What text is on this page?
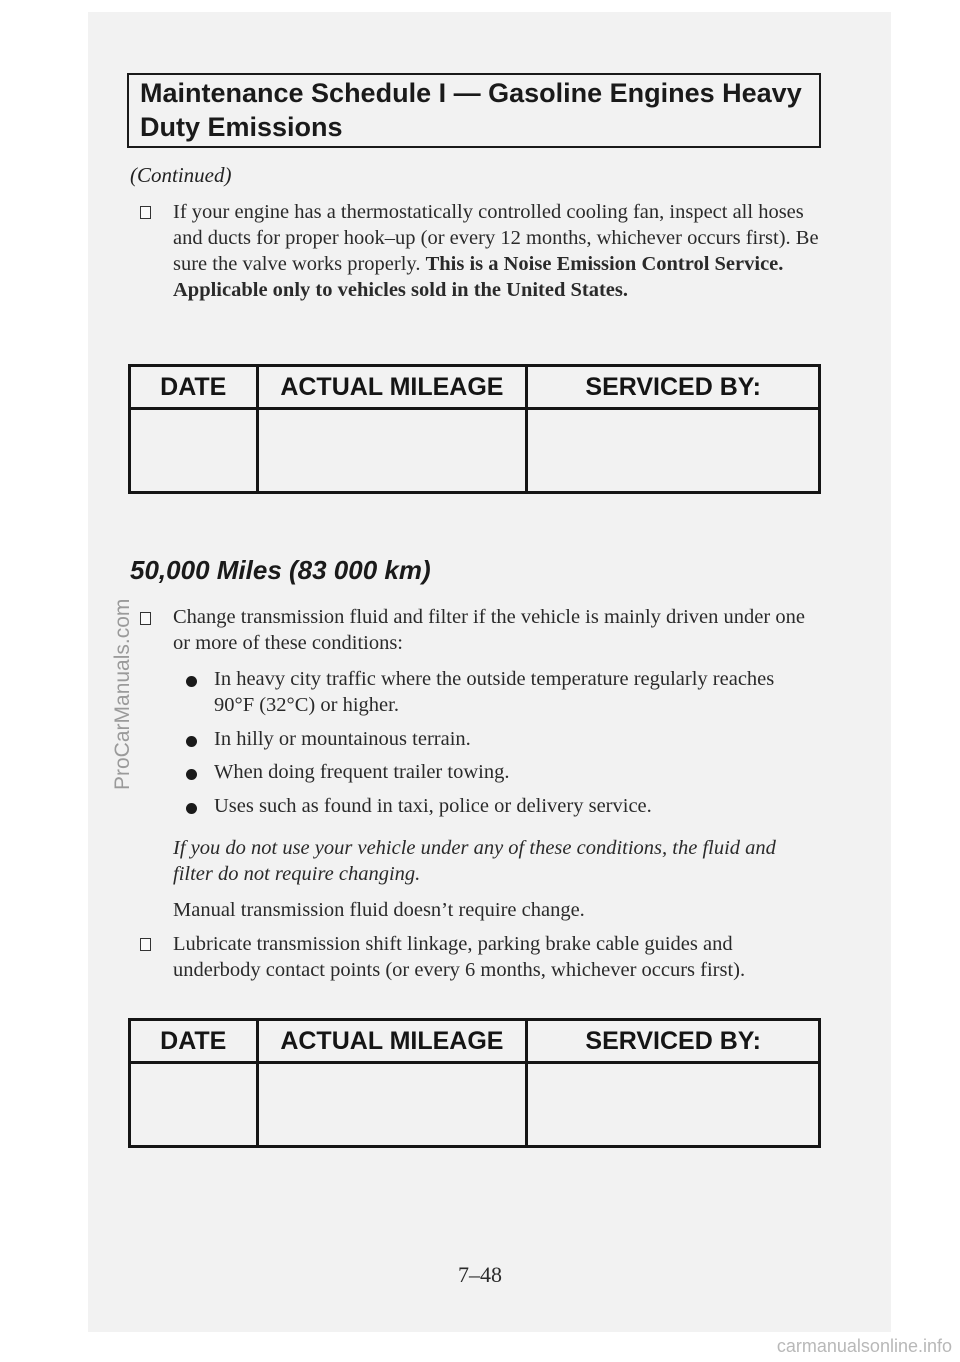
Maintenance Schedule I — Gasoline Engines Heavy
Duty Emissions
(Continued)
If your engine has a thermostatically controlled cooling fan, inspect all hoses and ducts for proper hook–up (or every 12 months, whichever occurs first). Be sure the valve works properly. This is a Noise Emission Control Service. Applicable only to vehicles sold in the United States.
DATE	ACTUAL MILEAGE	SERVICED BY:

50,000 Miles (83 000 km)
Change transmission fluid and filter if the vehicle is mainly driven under one or more of these conditions:
In heavy city traffic where the outside temperature regularly reaches 90°F (32°C) or higher.
In hilly or mountainous terrain.
When doing frequent trailer towing.
Uses such as found in taxi, police or delivery service.
If you do not use your vehicle under any of these conditions, the fluid and filter do not require changing.
Manual transmission fluid doesn’t require change.
Lubricate transmission shift linkage, parking brake cable guides and underbody contact points (or every 6 months, whichever occurs first).
DATE	ACTUAL MILEAGE	SERVICED BY:

ProCarManuals.com
7–48
carmanualsonline.info
